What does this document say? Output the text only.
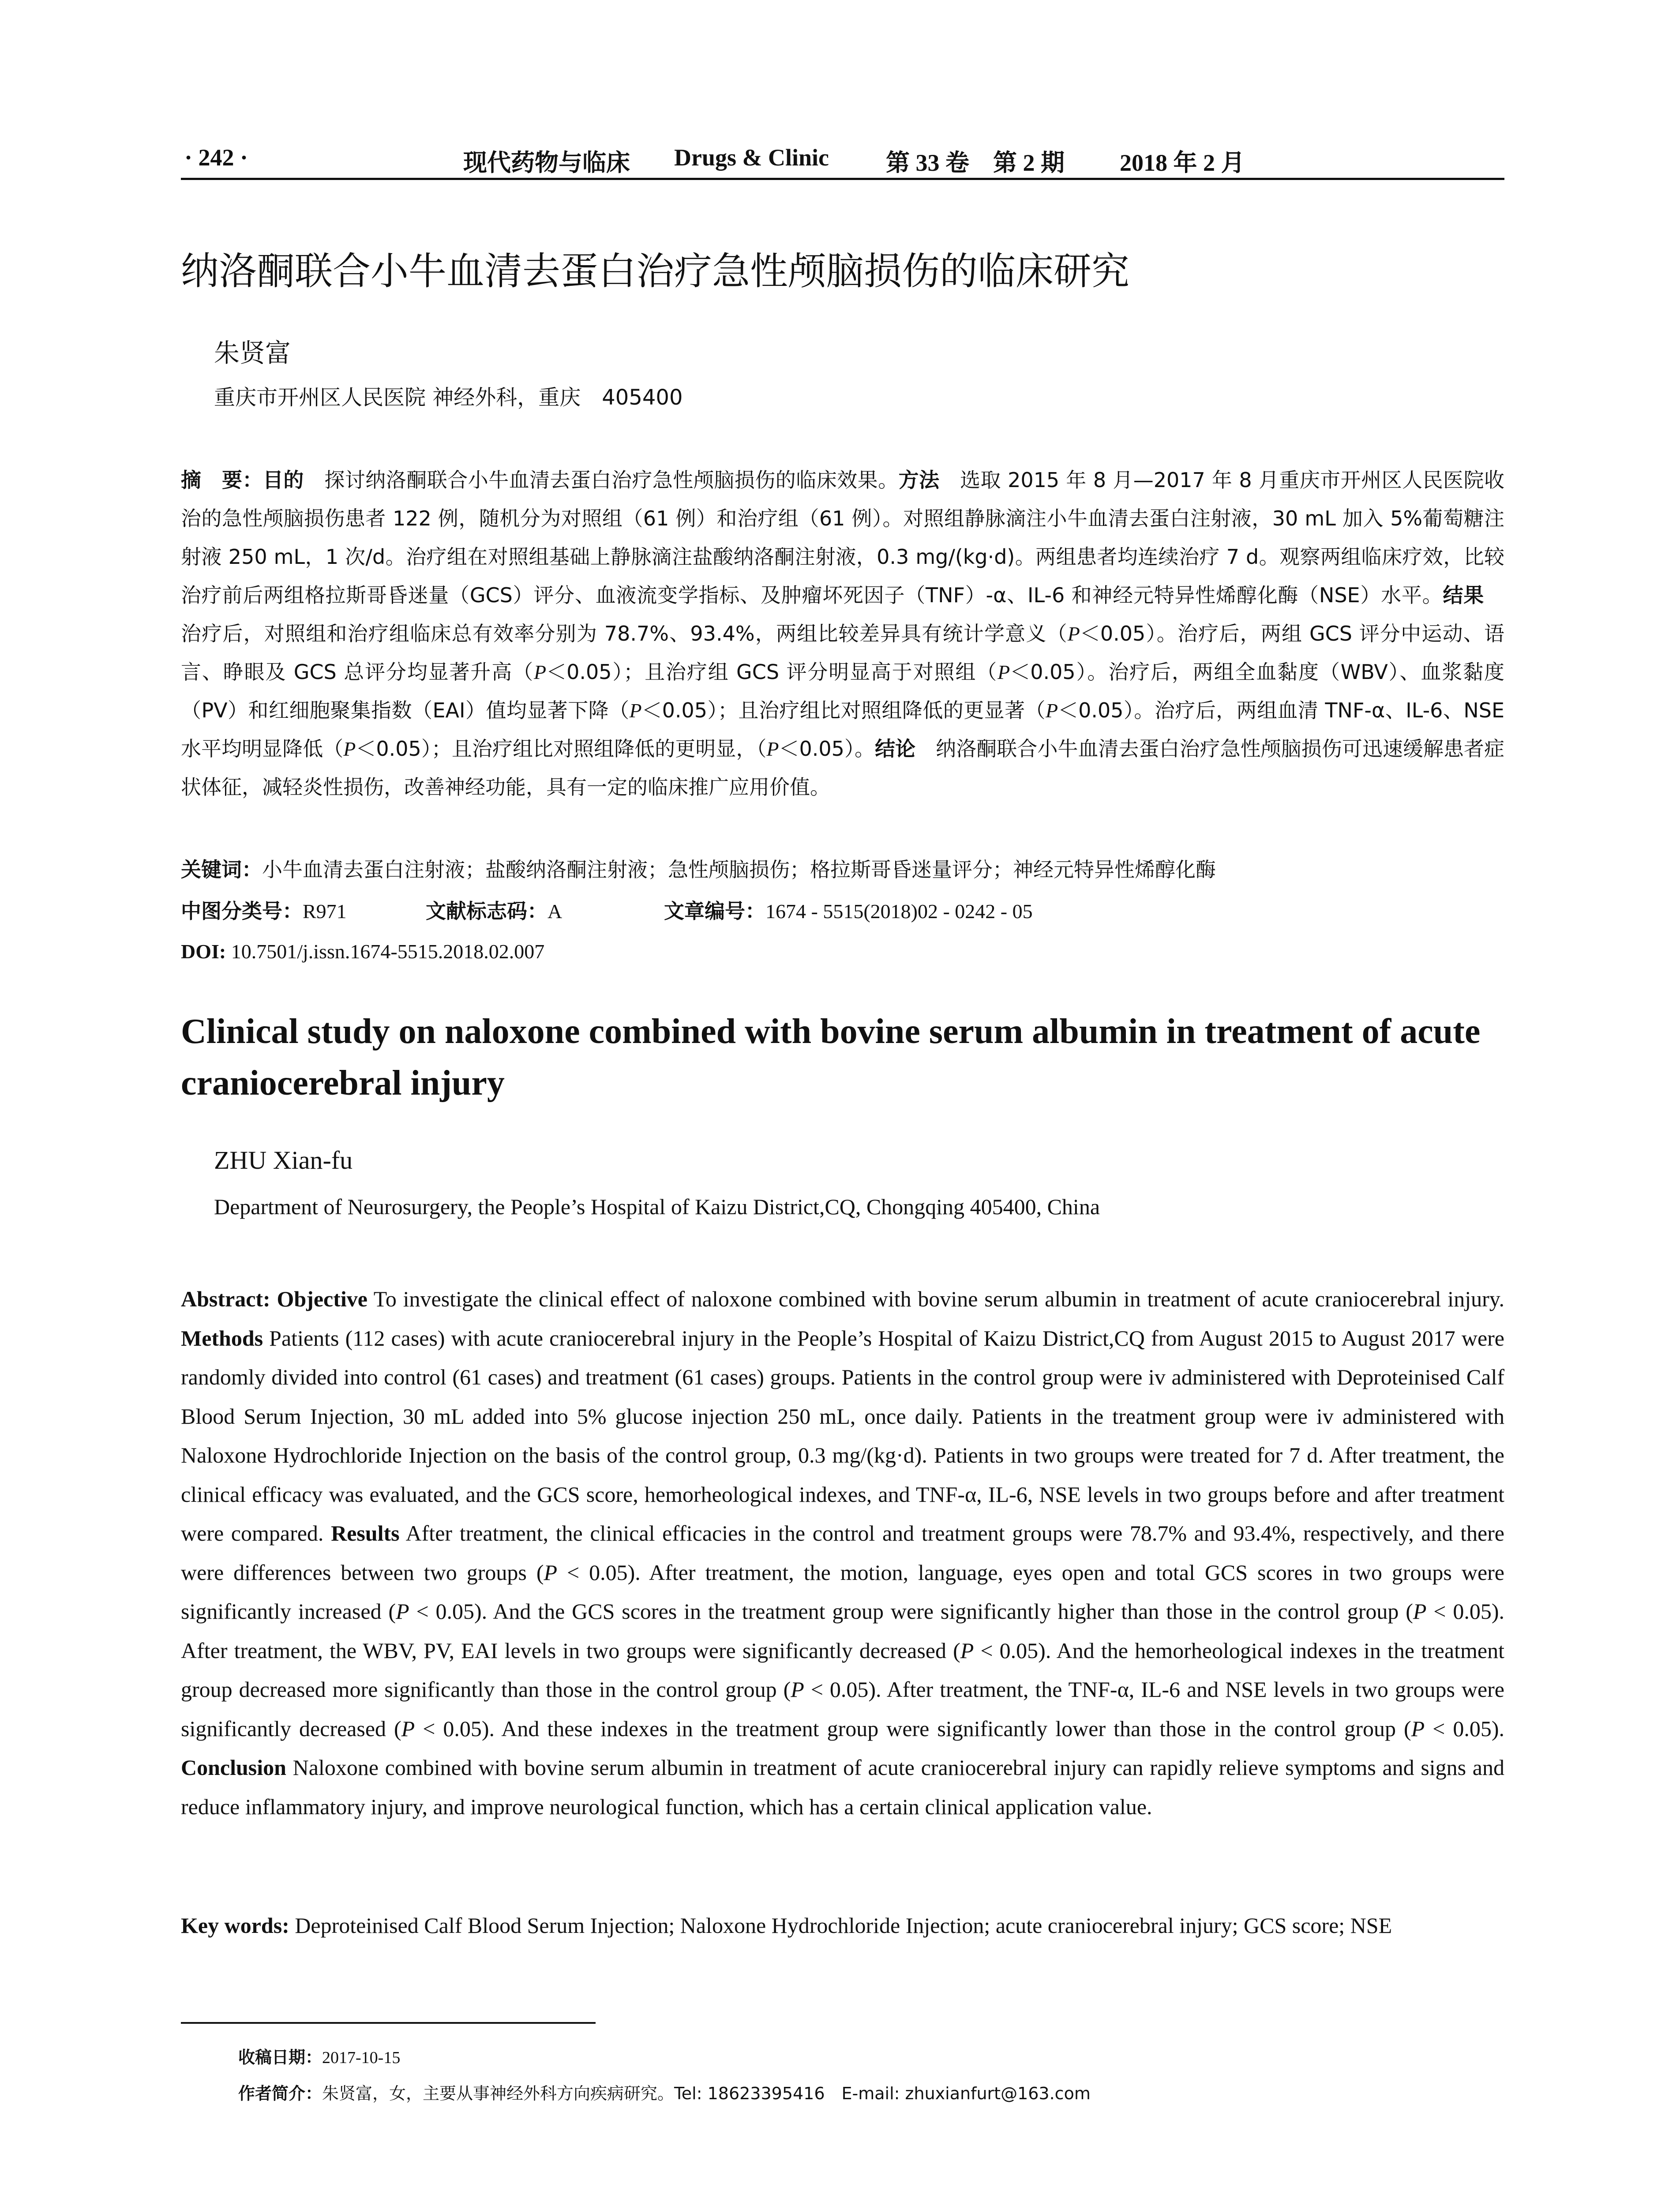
· 242 ·	现代药物与临床 Drugs & Clinic 第 33 卷　第 2 期 2018 年 2 月
纳洛酮联合小牛血清去蛋白治疗急性颅脑损伤的临床研究
朱贤富
重庆市开州区人民医院 神经外科，重庆　405400
摘　要：目的　探讨纳洛酮联合小牛血清去蛋白治疗急性颅脑损伤的临床效果。方法　选取 2015 年 8 月—2017 年 8 月重庆市开州区人民医院收治的急性颅脑损伤患者 122 例，随机分为对照组（61 例）和治疗组（61 例）。对照组静脉滴注小牛血清去蛋白注射液，30 mL 加入 5%葡萄糖注射液 250 mL，1 次/d。治疗组在对照组基础上静脉滴注盐酸纳洛酮注射液，0.3 mg/(kg·d)。两组患者均连续治疗 7 d。观察两组临床疗效，比较治疗前后两组格拉斯哥昏迷量（GCS）评分、血液流变学指标、及肿瘤坏死因子（TNF）-α、IL-6 和神经元特异性烯醇化酶（NSE）水平。结果　治疗后，对照组和治疗组临床总有效率分别为 78.7%、93.4%，两组比较差异具有统计学意义（P＜0.05）。治疗后，两组 GCS 评分中运动、语言、睁眼及 GCS 总评分均显著升高（P＜0.05）；且治疗组 GCS 评分明显高于对照组（P＜0.05）。治疗后，两组全血黏度（WBV）、血浆黏度（PV）和红细胞聚集指数（EAI）值均显著下降（P＜0.05）；且治疗组比对照组降低的更显著（P＜0.05）。治疗后，两组血清 TNF-α、IL-6、NSE 水平均明显降低（P＜0.05）；且治疗组比对照组降低的更明显，（P＜0.05）。结论　纳洛酮联合小牛血清去蛋白治疗急性颅脑损伤可迅速缓解患者症状体征，减轻炎性损伤，改善神经功能，具有一定的临床推广应用价值。
关键词：小牛血清去蛋白注射液；盐酸纳洛酮注射液；急性颅脑损伤；格拉斯哥昏迷量评分；神经元特异性烯醇化酶
中图分类号：R971	文献标志码：A	文章编号：1674 - 5515(2018)02 - 0242 - 05
DOI: 10.7501/j.issn.1674-5515.2018.02.007
Clinical study on naloxone combined with bovine serum albumin in treatment of acute craniocerebral injury
ZHU Xian-fu
Department of Neurosurgery, the People’s Hospital of Kaizu District,CQ, Chongqing 405400, China
Abstract: Objective To investigate the clinical effect of naloxone combined with bovine serum albumin in treatment of acute craniocerebral injury. Methods Patients (112 cases) with acute craniocerebral injury in the People’s Hospital of Kaizu District,CQ from August 2015 to August 2017 were randomly divided into control (61 cases) and treatment (61 cases) groups. Patients in the control group were iv administered with Deproteinised Calf Blood Serum Injection, 30 mL added into 5% glucose injection 250 mL, once daily. Patients in the treatment group were iv administered with Naloxone Hydrochloride Injection on the basis of the control group, 0.3 mg/(kg·d). Patients in two groups were treated for 7 d. After treatment, the clinical efficacy was evaluated, and the GCS score, hemorheological indexes, and TNF-α, IL-6, NSE levels in two groups before and after treatment were compared. Results After treatment, the clinical efficacies in the control and treatment groups were 78.7% and 93.4%, respectively, and there were differences between two groups (P < 0.05). After treatment, the motion, language, eyes open and total GCS scores in two groups were significantly increased (P < 0.05). And the GCS scores in the treatment group were significantly higher than those in the control group (P < 0.05). After treatment, the WBV, PV, EAI levels in two groups were significantly decreased (P < 0.05). And the hemorheological indexes in the treatment group decreased more significantly than those in the control group (P < 0.05). After treatment, the TNF-α, IL-6 and NSE levels in two groups were significantly decreased (P < 0.05). And these indexes in the treatment group were significantly lower than those in the control group (P < 0.05). Conclusion Naloxone combined with bovine serum albumin in treatment of acute craniocerebral injury can rapidly relieve symptoms and signs and reduce inflammatory injury, and improve neurological function, which has a certain clinical application value.
Key words: Deproteinised Calf Blood Serum Injection; Naloxone Hydrochloride Injection; acute craniocerebral injury; GCS score; NSE
收稿日期：2017-10-15
作者简介：朱贤富，女，主要从事神经外科方向疾病研究。Tel: 18623395416　E-mail: zhuxianfurt@163.com
